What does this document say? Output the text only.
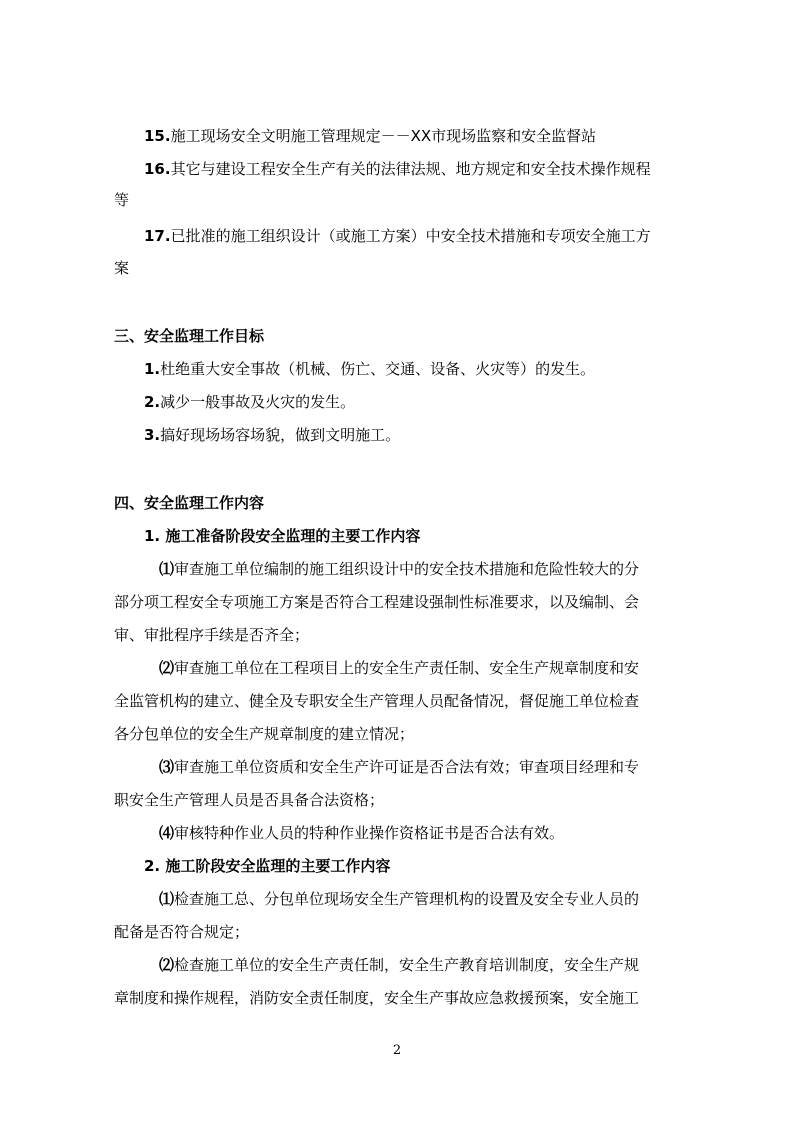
15.施工现场安全文明施工管理规定－－XX市现场监察和安全监督站
16.其它与建设工程安全生产有关的法律法规、地方规定和安全技术操作规程
等
17.已批准的施工组织设计（或施工方案）中安全技术措施和专项安全施工方
案
三、安全监理工作目标
1.杜绝重大安全事故（机械、伤亡、交通、设备、火灾等）的发生。
2.减少一般事故及火灾的发生。
3.搞好现场场容场貌，做到文明施工。
四、安全监理工作内容
1. 施工准备阶段安全监理的主要工作内容
⑴审查施工单位编制的施工组织设计中的安全技术措施和危险性较大的分
部分项工程安全专项施工方案是否符合工程建设强制性标准要求，以及编制、会
审、审批程序手续是否齐全；
⑵审查施工单位在工程项目上的安全生产责任制、安全生产规章制度和安
全监管机构的建立、健全及专职安全生产管理人员配备情况，督促施工单位检查
各分包单位的安全生产规章制度的建立情况；
⑶审查施工单位资质和安全生产许可证是否合法有效；审查项目经理和专
职安全生产管理人员是否具备合法资格；
⑷审核特种作业人员的特种作业操作资格证书是否合法有效。
2. 施工阶段安全监理的主要工作内容
⑴检查施工总、分包单位现场安全生产管理机构的设置及安全专业人员的
配备是否符合规定；
⑵检查施工单位的安全生产责任制，安全生产教育培训制度，安全生产规
章制度和操作规程，消防安全责任制度，安全生产事故应急救援预案，安全施工
2
